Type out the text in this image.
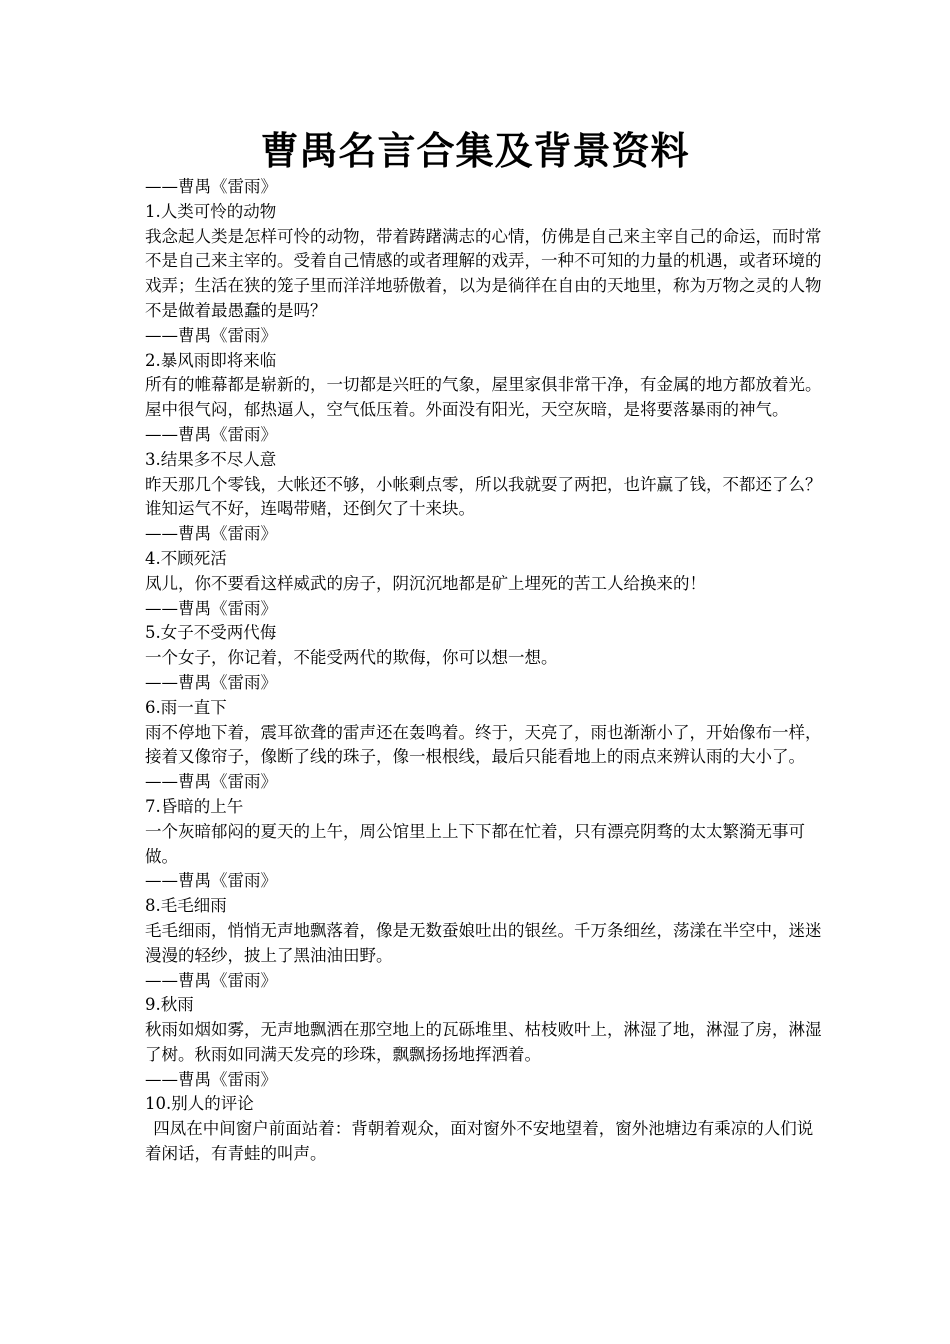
曹禺名言合集及背景资料
——曹禺《雷雨》
1.人类可怜的动物
我念起人类是怎样可怜的动物，带着踌躇满志的心情，仿佛是自己来主宰自己的命运，而时常不是自己来主宰的。受着自己情感的或者理解的戏弄，一种不可知的力量的机遇，或者环境的戏弄；生活在狭的笼子里而洋洋地骄傲着，以为是徜徉在自由的天地里，称为万物之灵的人物不是做着最愚蠢的是吗？
——曹禺《雷雨》
2.暴风雨即将来临
所有的帷幕都是崭新的，一切都是兴旺的气象，屋里家俱非常干净，有金属的地方都放着光。屋中很气闷，郁热逼人，空气低压着。外面没有阳光，天空灰暗，是将要落暴雨的神气。
——曹禺《雷雨》
3.结果多不尽人意
昨天那几个零钱，大帐还不够，小帐剩点零，所以我就耍了两把，也许赢了钱，不都还了么？谁知运气不好，连喝带赌，还倒欠了十来块。
——曹禺《雷雨》
4.不顾死活
凤儿，你不要看这样威武的房子，阴沉沉地都是矿上埋死的苦工人给换来的！
——曹禺《雷雨》
5.女子不受两代侮
一个女子，你记着，不能受两代的欺侮，你可以想一想。
——曹禺《雷雨》
6.雨一直下
雨不停地下着，震耳欲聋的雷声还在轰鸣着。终于，天亮了，雨也渐渐小了，开始像布一样，接着又像帘子，像断了线的珠子，像一根根线，最后只能看地上的雨点来辨认雨的大小了。
——曹禺《雷雨》
7.昏暗的上午
一个灰暗郁闷的夏天的上午，周公馆里上上下下都在忙着，只有漂亮阴骛的太太繁漪无事可做。
——曹禺《雷雨》
8.毛毛细雨
毛毛细雨，悄悄无声地飘落着，像是无数蚕娘吐出的银丝。千万条细丝，荡漾在半空中，迷迷漫漫的轻纱，披上了黑油油田野。
——曹禺《雷雨》
9.秋雨
秋雨如烟如雾，无声地飘洒在那空地上的瓦砾堆里、枯枝败叶上，淋湿了地，淋湿了房，淋湿了树。秋雨如同满天发亮的珍珠，飘飘扬扬地挥洒着。
——曹禺《雷雨》
10.别人的评论
四凤在中间窗户前面站着：背朝着观众，面对窗外不安地望着，窗外池塘边有乘凉的人们说着闲话，有青蛙的叫声。
